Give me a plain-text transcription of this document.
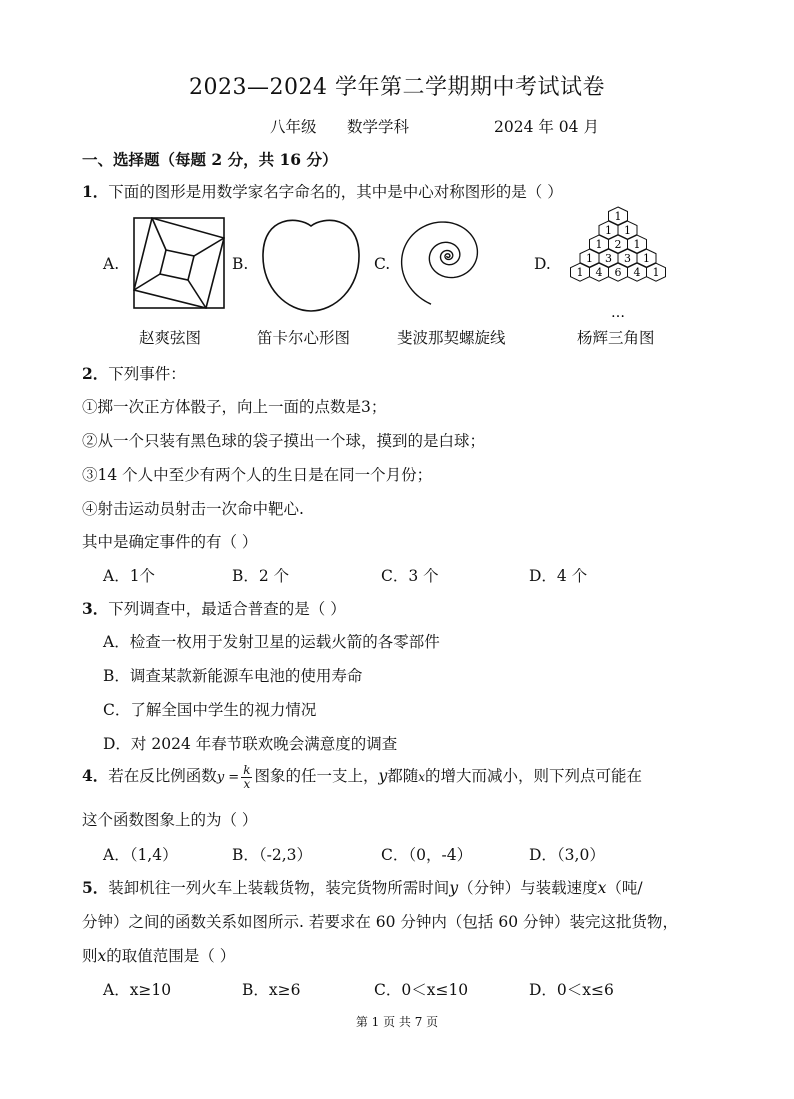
2023—2024 学年第二学期期中考试试卷
八年级 数学学科	2024 年 04 月
一、选择题（每题 2 分，共 16 分）
1．下面的图形是用数学家名字命名的，其中是中心对称图形的是（ ）
A.	B.	C.	D.
1
1 1
1 2 1
1 3 3 1
1 4 6 4 1
…
赵爽弦图	笛卡尔心形图	斐波那契螺旋线	杨辉三角图
2．下列事件：
①掷一次正方体骰子，向上一面的点数是3；
②从一个只装有黑色球的袋子摸出一个球，摸到的是白球；
③14 个人中至少有两个人的生日是在同一个月份；
④射击运动员射击一次命中靶心.
其中是确定事件的有（ ）
A．1个	B．2 个	C．3 个	D．4 个
3．下列调查中，最适合普查的是（ ）
A．检查一枚用于发射卫星的运载火箭的各零部件
B．调查某款新能源车电池的使用寿命
C．了解全国中学生的视力情况
D．对 2024 年春节联欢晚会满意度的调查
4．若在反比例函数$y = \frac{k}{x}$ 图象的任一支上，y都随x的增大而减小，则下列点可能在
这个函数图象上的为（ ）
A．（1,4）	B．（-2,3）	C．（0，-4）	D．（3,0）
5．装卸机往一列火车上装载货物，装完货物所需时间y（分钟）与装载速度x（吨/
分钟）之间的函数关系如图所示. 若要求在 60 分钟内（包括 60 分钟）装完这批货物，
则x的取值范围是（ ）
A．x≥10	B．x≥6	C．0＜x≤10	D．0＜x≤6
第 1 页 共 7 页
